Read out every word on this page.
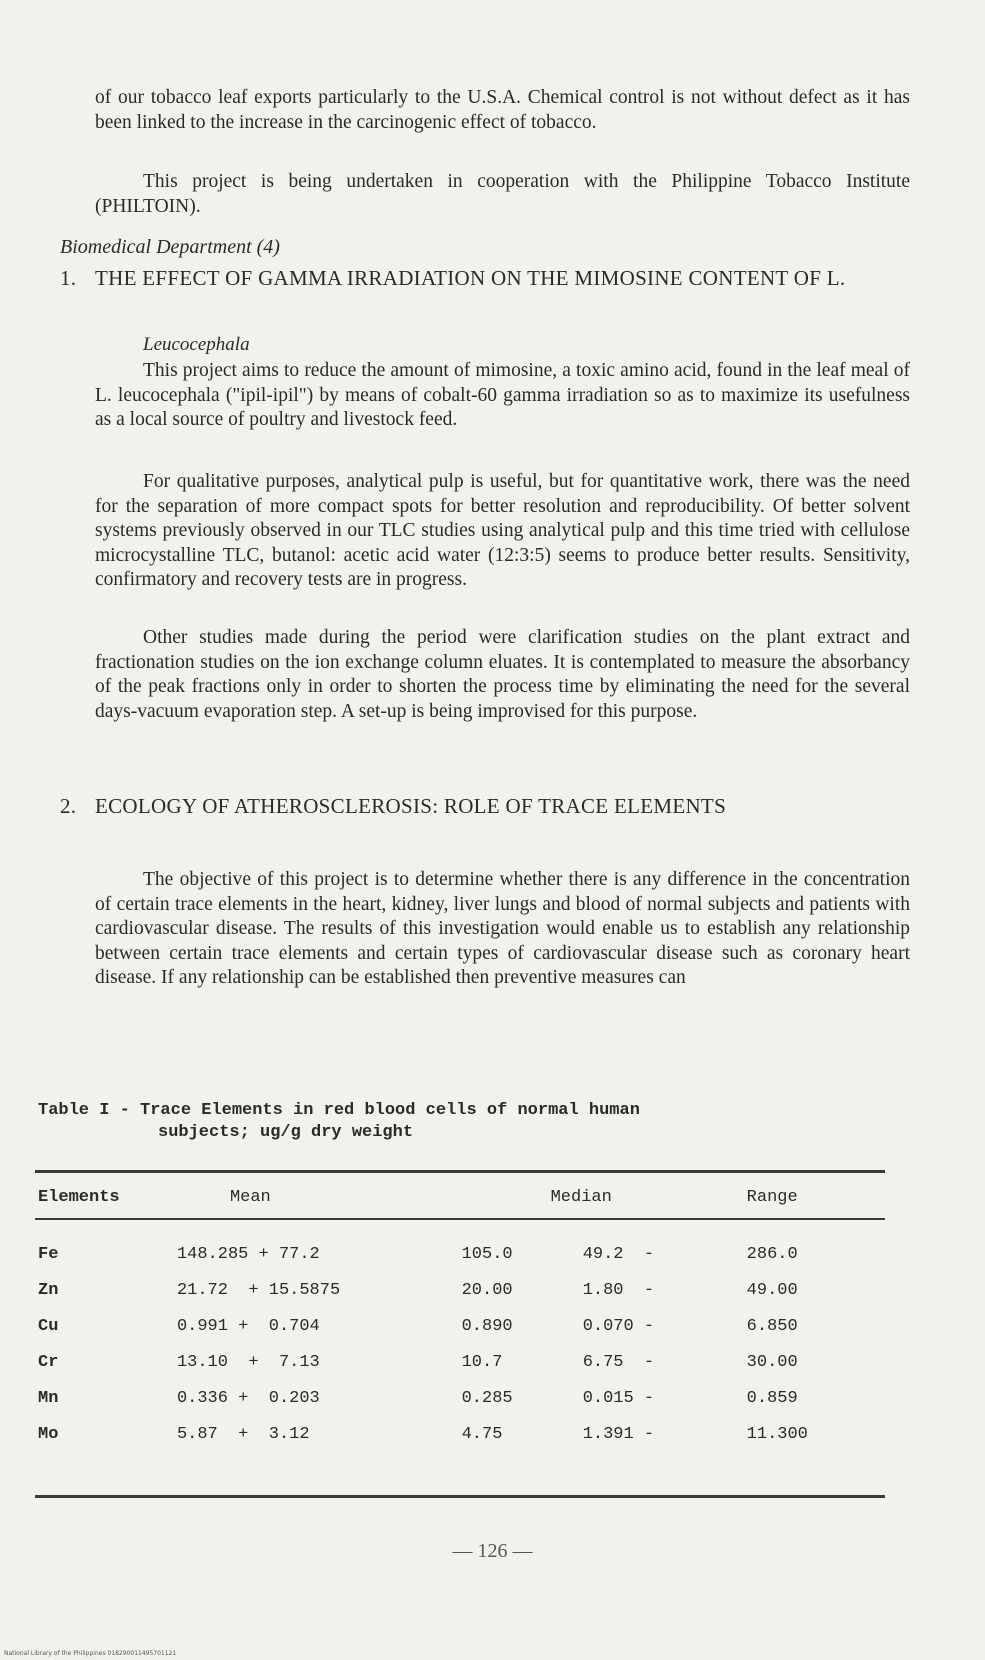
of our tobacco leaf exports particularly to the U.S.A. Chemical control is not without defect as it has been linked to the increase in the carcinogenic effect of tobacco.

This project is being undertaken in cooperation with the Philippine Tobacco Institute (PHILTOIN).

Biomedical Department (4)
1. THE EFFECT OF GAMMA IRRADIATION ON THE MIMOSINE CONTENT OF L.
Leucocephala

This project aims to reduce the amount of mimosine, a toxic amino acid, found in the leaf meal of L. leucocephala ("ipil-ipil") by means of cobalt-60 gamma irradiation so as to maximize its usefulness as a local source of poultry and livestock feed.

For qualitative purposes, analytical pulp is useful, but for quantitative work, there was the need for the separation of more compact spots for better resolution and reproducibility. Of better solvent systems previously observed in our TLC studies using analytical pulp and this time tried with cellulose microcystalline TLC, butanol: acetic acid water (12:3:5) seems to produce better results. Sensitivity, confirmatory and recovery tests are in progress.

Other studies made during the period were clarification studies on the plant extract and fractionation studies on the ion exchange column eluates. It is contemplated to measure the absorbancy of the peak fractions only in order to shorten the process time by eliminating the need for the several days-vacuum evaporation step. A set-up is being improvised for this purpose.

2. ECOLOGY OF ATHEROSCLEROSIS: ROLE OF TRACE ELEMENTS

The objective of this project is to determine whether there is any difference in the concentration of certain trace elements in the heart, kidney, liver lungs and blood of normal subjects and patients with cardiovascular disease. The results of this investigation would enable us to establish any relationship between certain trace elements and certain types of cardiovascular disease such as coronary heart disease. If any relationship can be established then preventive measures can

Table I - Trace Elements in red blood cells of normal human
subjects; ug/g dry weight
Elements	Mean	Median		Range

Fe	148.285 + 77.2	105.0	49.2  -	286.0
Zn	21.72  + 15.5875	20.00	1.80  -	49.00
Cu	0.991 +  0.704	0.890	0.070 -	6.850
Cr	13.10  +  7.13	10.7	6.75  -	30.00
Mn	0.336 +  0.203	0.285	0.015 -	0.859
Mo	5.87  +  3.12	4.75	1.391 -	11.300
— 126 —
National Library of the Philippines 018290011495701121
